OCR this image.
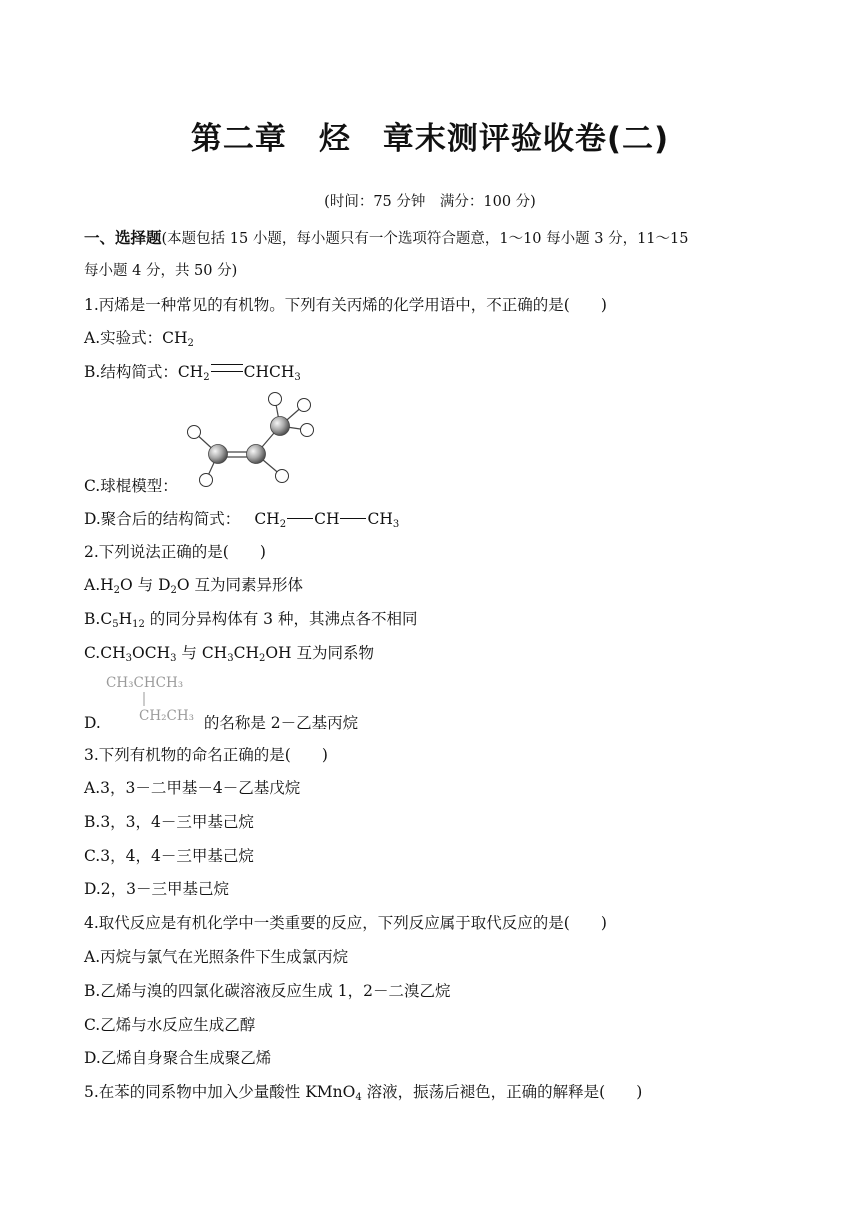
第二章　烃　章末测评验收卷(二)
(时间：75 分钟　满分：100 分)
一、选择题(本题包括 15 小题，每小题只有一个选项符合题意，1～10 每小题 3 分，11～15
每小题 4 分，共 50 分)
1.丙烯是一种常见的有机物。下列有关丙烯的化学用语中，不正确的是(　　)
A.实验式：$CH_2$
B.结构简式：$CH_2$ $CHCH_3$
C.球棍模型：
D.聚合后的结构简式： $CH_2$ CH $CH_3$
2.下列说法正确的是(　　)
$A.H_2O$ 与 $D_2O$ 互为同素异形体
$B.C_5H_{12}$ 的同分异构体有 3 种，其沸点各不相同
$C.CH_3OCH_3$ 与 $CH_3CH_2OH$ 互为同系物
CH₃CHCH₃
CH₂CH₃
D.	的名称是 2－乙基丙烷
3.下列有机物的命名正确的是(　　)
A.3，3－二甲基－4－乙基戊烷
B.3，3，4－三甲基己烷
C.3，4，4－三甲基己烷
D.2，3－三甲基己烷
4.取代反应是有机化学中一类重要的反应，下列反应属于取代反应的是(　　)
A.丙烷与氯气在光照条件下生成氯丙烷
B.乙烯与溴的四氯化碳溶液反应生成 1，2－二溴乙烷
C.乙烯与水反应生成乙醇
D.乙烯自身聚合生成聚乙烯
5.在苯的同系物中加入少量酸性 KMnO$_4$ 溶液，振荡后褪色，正确的解释是(　　)
